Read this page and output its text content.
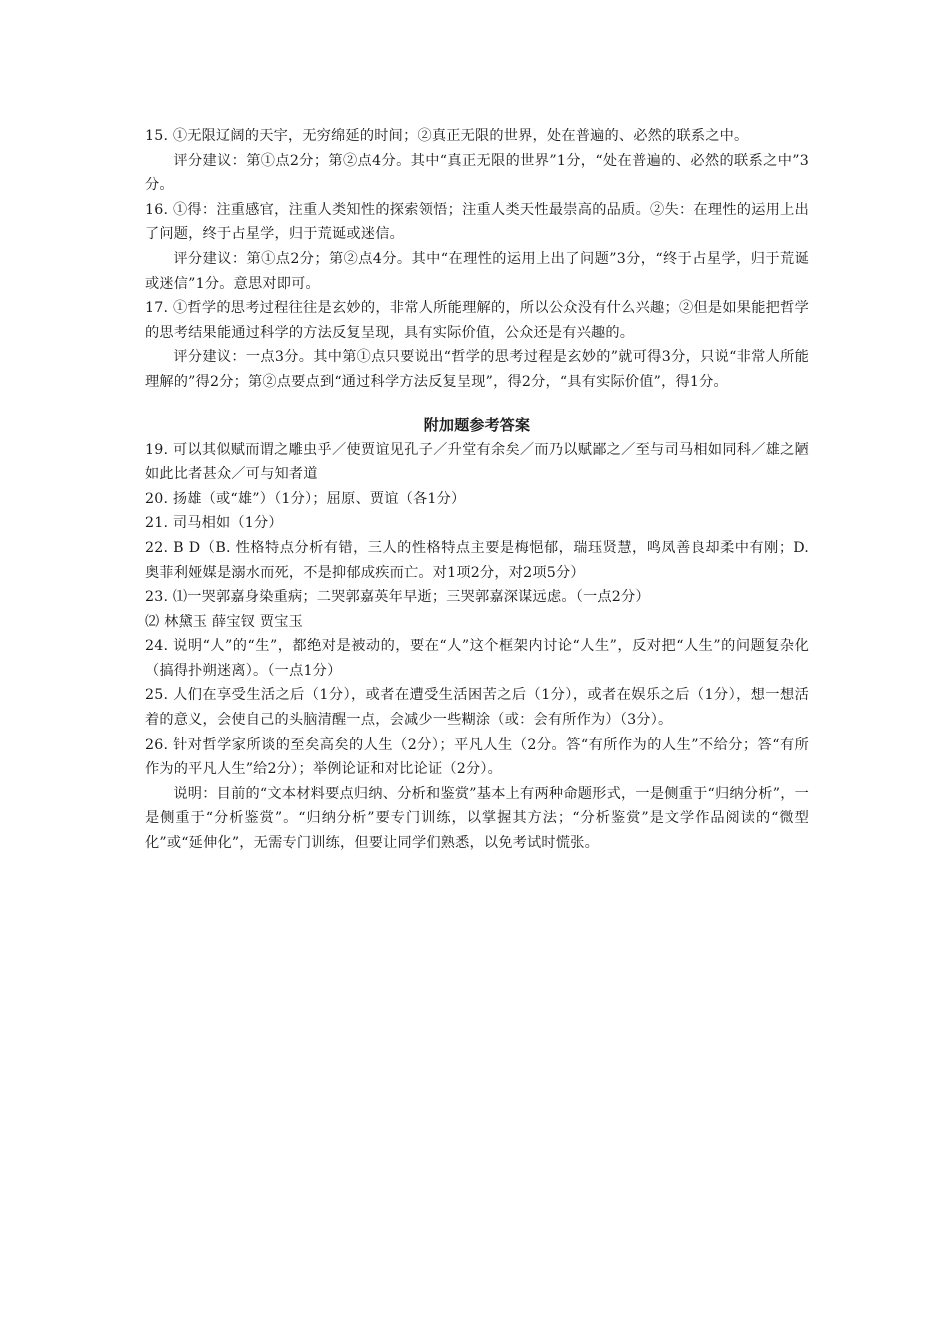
15. ①无限辽阔的天宇，无穷绵延的时间；②真正无限的世界，处在普遍的、必然的联系之中。

评分建议：第①点2分；第②点4分。其中“真正无限的世界”1分，“处在普遍的、必然的联系之中”3分。

16. ①得：注重感官，注重人类知性的探索领悟；注重人类天性最崇高的品质。②失：在理性的运用上出了问题，终于占星学，归于荒诞或迷信。

评分建议：第①点2分；第②点4分。其中“在理性的运用上出了问题”3分，“终于占星学，归于荒诞或迷信”1分。意思对即可。

17. ①哲学的思考过程往往是玄妙的，非常人所能理解的，所以公众没有什么兴趣；②但是如果能把哲学的思考结果能通过科学的方法反复呈现，具有实际价值，公众还是有兴趣的。

评分建议：一点3分。其中第①点只要说出“哲学的思考过程是玄妙的”就可得3分，只说“非常人所能理解的”得2分；第②点要点到“通过科学方法反复呈现”，得2分，“具有实际价值”，得1分。

附加题参考答案

19. 可以其似赋而谓之雕虫乎／使贾谊见孔子／升堂有余矣／而乃以赋鄙之／至与司马相如同科／雄之陋如此比者甚众／可与知者道

20. 扬雄（或“雄”）（1分）；屈原、贾谊（各1分）

21. 司马相如（1分）

22. B D（B. 性格特点分析有错，三人的性格特点主要是梅悒郁，瑞珏贤慧，鸣凤善良却柔中有刚；D. 奥菲利娅媒是溺水而死，不是抑郁成疾而亡。对1项2分，对2项5分）

23. ⑴一哭郭嘉身染重病；二哭郭嘉英年早逝；三哭郭嘉深谋远虑。（一点2分）

⑵ 林黛玉 薛宝钗 贾宝玉

24. 说明“人”的“生”，都绝对是被动的，要在“人”这个框架内讨论“人生”，反对把“人生”的问题复杂化（搞得扑朔迷离）。（一点1分）

25. 人们在享受生活之后（1分），或者在遭受生活困苦之后（1分），或者在娱乐之后（1分），想一想活着的意义，会使自己的头脑清醒一点，会减少一些糊涂（或：会有所作为）（3分）。

26. 针对哲学家所谈的至矣高矣的人生（2分）；平凡人生（2分。答“有所作为的人生”不给分；答“有所作为的平凡人生”给2分）；举例论证和对比论证（2分）。

说明：目前的“文本材料要点归纳、分析和鉴赏”基本上有两种命题形式，一是侧重于“归纳分析”，一是侧重于“分析鉴赏”。“归纳分析”要专门训练，以掌握其方法；“分析鉴赏”是文学作品阅读的“微型化”或“延伸化”，无需专门训练，但要让同学们熟悉，以免考试时慌张。
